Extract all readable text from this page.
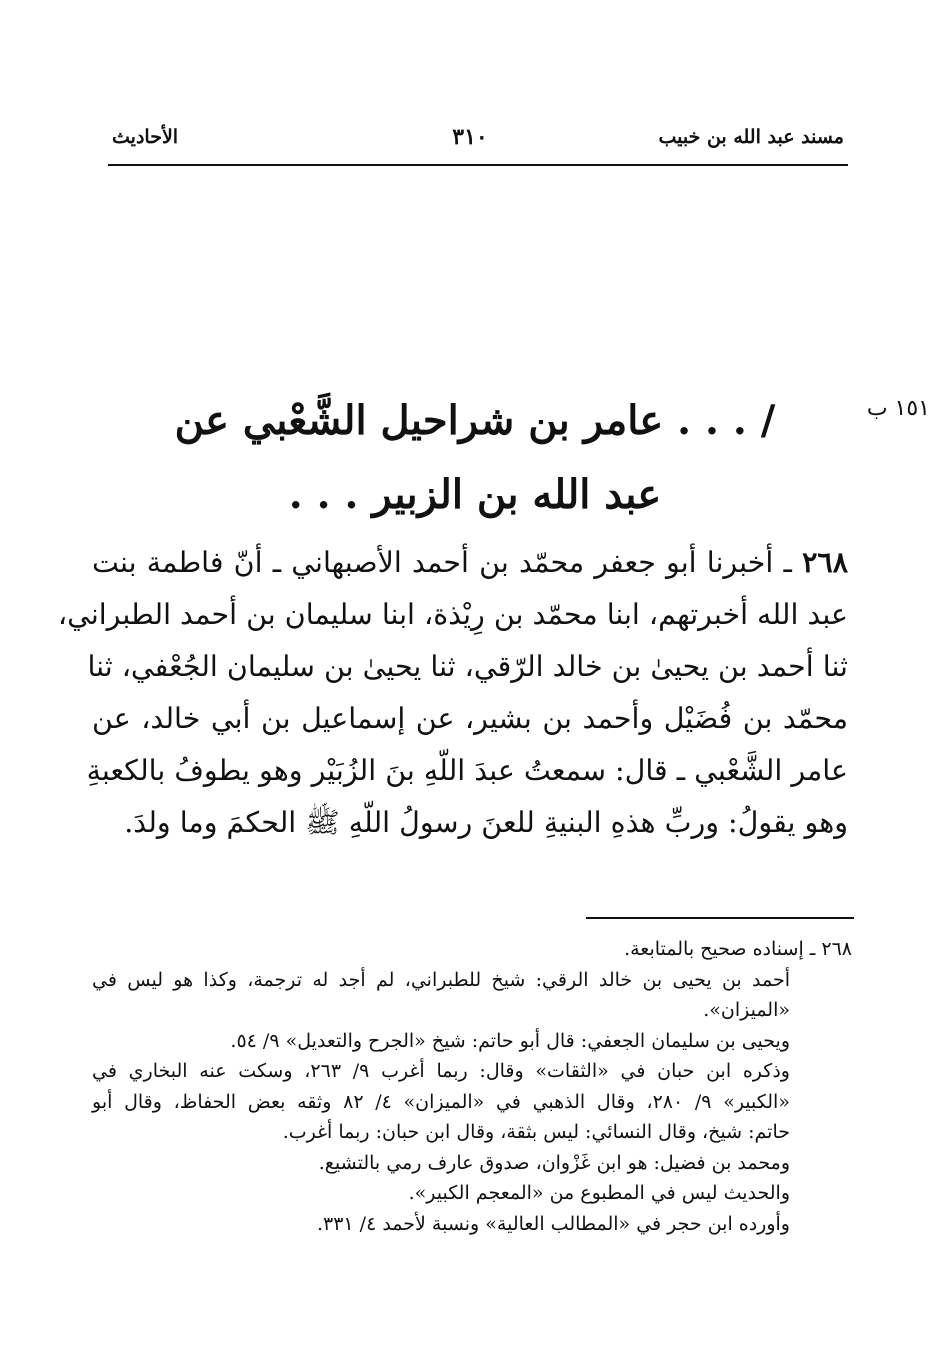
مسند عبد الله بن خبيب
٣١٠
الأحاديث
١٥١ ب
/ . . . عامر بن شراحيل الشَّعْبي عن
عبد الله بن الزبير . . .
٢٦٨ ـ أخبرنا أبو جعفر محمّد بن أحمد الأصبهاني ـ أنّ فاطمة بنت
عبد الله أخبرتهم، ابنا محمّد بن رِيْذة، ابنا سليمان بن أحمد الطبراني،
ثنا أحمد بن يحيىٰ بن خالد الرّقي، ثنا يحيىٰ بن سليمان الجُعْفي، ثنا
محمّد بن فُضَيْل وأحمد بن بشير، عن إسماعيل بن أبي خالد، عن
عامر الشَّعْبي ـ قال: سمعتُ عبدَ اللّهِ بنَ الزُبَيْر وهو يطوفُ بالكعبةِ
وهو يقولُ: وربِّ هذهِ البنيةِ للعنَ رسولُ اللّهِ ﷺ الحكمَ وما ولدَ.
٢٦٨ ـ إسناده صحيح بالمتابعة.
أحمد بن يحيى بن خالد الرقي: شيخ للطبراني، لم أجد له ترجمة، وكذا هو ليس في
«الميزان».
ويحيى بن سليمان الجعفي: قال أبو حاتم: شيخ «الجرح والتعديل» ٩/ ٥٤.
وذكره ابن حبان في «الثقات» وقال: ربما أغرب ٩/ ٢٦٣، وسكت عنه البخاري في
«الكبير» ٩/ ٢٨٠، وقال الذهبي في «الميزان» ٤/ ٨٢ وثقه بعض الحفاظ، وقال أبو
حاتم: شيخ، وقال النسائي: ليس بثقة، وقال ابن حبان: ربما أغرب.
ومحمد بن فضيل: هو ابن غَزْوان، صدوق عارف رمي بالتشيع.
والحديث ليس في المطبوع من «المعجم الكبير».
وأورده ابن حجر في «المطالب العالية» ونسبة لأحمد ٤/ ٣٣١.
